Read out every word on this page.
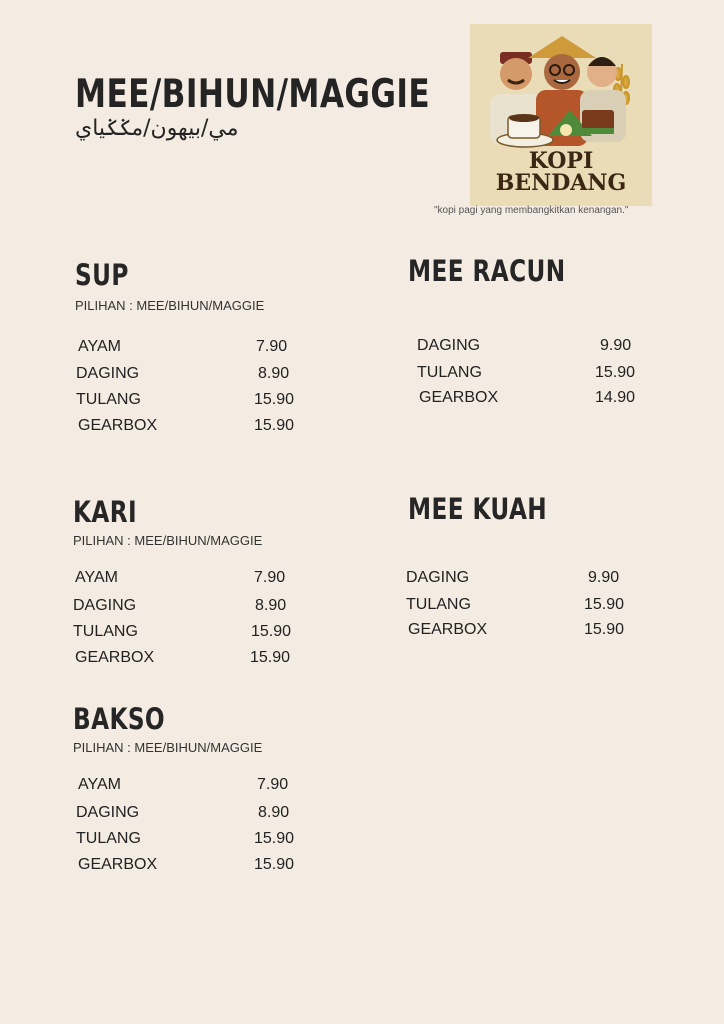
MEE/BIHUN/MAGGIE
مي/بيهون/مݢݢياي
KOPI
BENDANG
"kopi pagi yang membangkitkan kenangan."
SUP
PILIHAN : MEE/BIHUN/MAGGIE
AYAM	7.90
DAGING	8.90
TULANG	15.90
GEARBOX	15.90
MEE RACUN
DAGING	9.90
TULANG	15.90
GEARBOX	14.90
KARI
PILIHAN : MEE/BIHUN/MAGGIE
AYAM	7.90
DAGING	8.90
TULANG	15.90
GEARBOX	15.90
MEE KUAH
DAGING	9.90
TULANG	15.90
GEARBOX	15.90
BAKSO
PILIHAN : MEE/BIHUN/MAGGIE
AYAM	7.90
DAGING	8.90
TULANG	15.90
GEARBOX	15.90
